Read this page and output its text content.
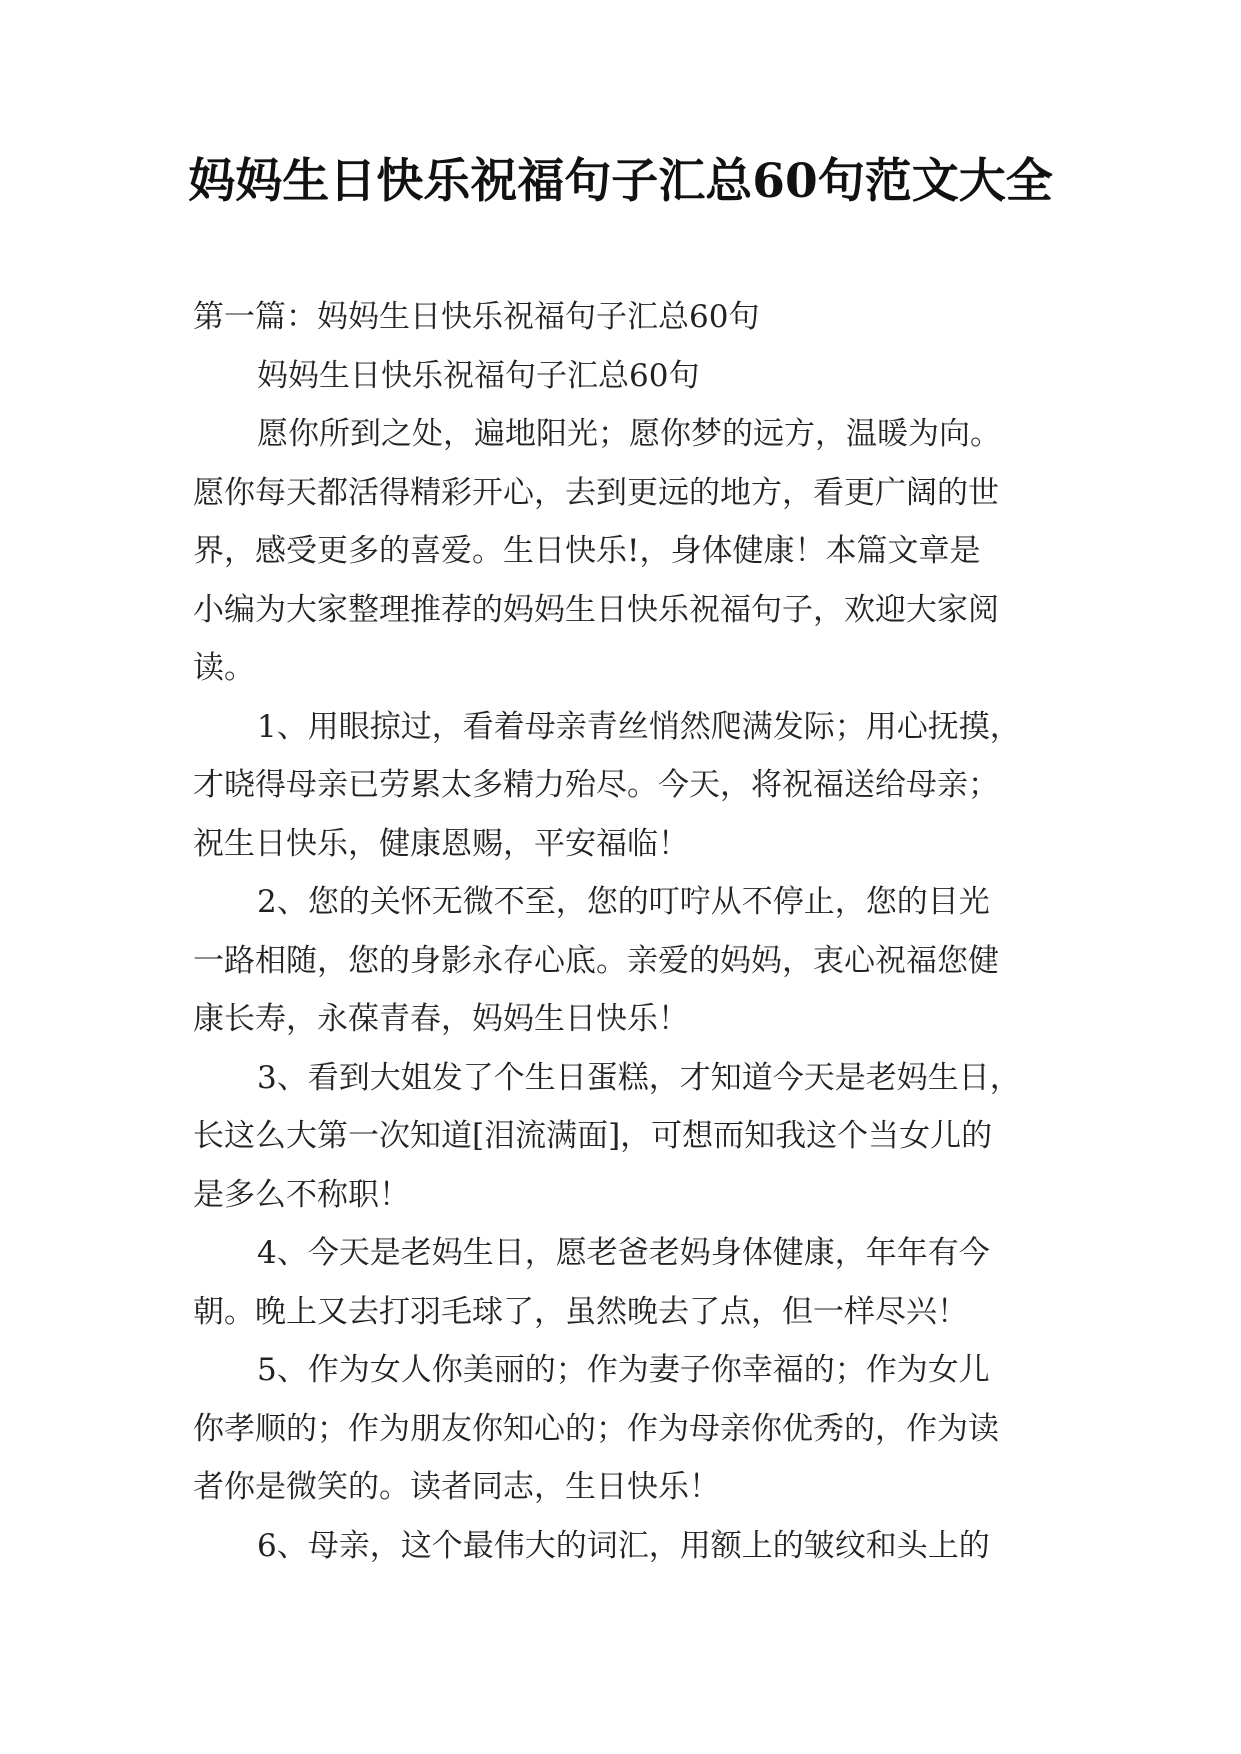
妈妈生日快乐祝福句子汇总60句范文大全
第一篇：妈妈生日快乐祝福句子汇总60句
妈妈生日快乐祝福句子汇总60句
愿你所到之处，遍地阳光；愿你梦的远方，温暖为向。
愿你每天都活得精彩开心，去到更远的地方，看更广阔的世
界，感受更多的喜爱。生日快乐!，身体健康！本篇文章是
小编为大家整理推荐的妈妈生日快乐祝福句子，欢迎大家阅
读。
1、用眼掠过，看着母亲青丝悄然爬满发际；用心抚摸，
才晓得母亲已劳累太多精力殆尽。今天，将祝福送给母亲；
祝生日快乐，健康恩赐，平安福临！
2、您的关怀无微不至，您的叮咛从不停止，您的目光
一路相随，您的身影永存心底。亲爱的妈妈，衷心祝福您健
康长寿，永葆青春，妈妈生日快乐！
3、看到大姐发了个生日蛋糕，才知道今天是老妈生日，
长这么大第一次知道[泪流满面]，可想而知我这个当女儿的
是多么不称职！
4、今天是老妈生日，愿老爸老妈身体健康，年年有今
朝。晚上又去打羽毛球了，虽然晚去了点，但一样尽兴！
5、作为女人你美丽的；作为妻子你幸福的；作为女儿
你孝顺的；作为朋友你知心的；作为母亲你优秀的，作为读
者你是微笑的。读者同志，生日快乐！
6、母亲，这个最伟大的词汇，用额上的皱纹和头上的
